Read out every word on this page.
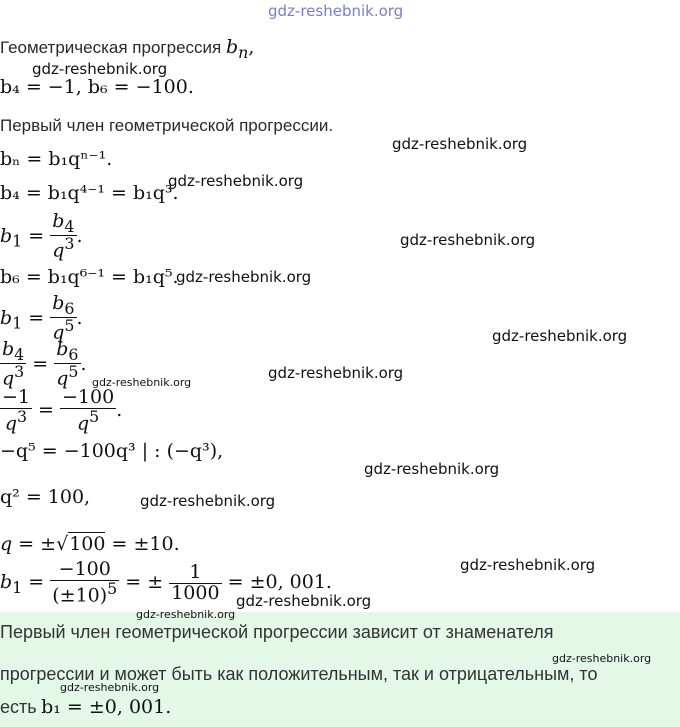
gdz-reshebnik.org
Геометрическая прогрессия $b_n$,
gdz-reshebnik.org
b₄ = −1, b₆ = −100.
Первый член геометрической прогрессии.
gdz-reshebnik.org
bₙ = b₁qⁿ⁻¹.
b₄ = b₁q⁴⁻¹ = b₁q³.
gdz-reshebnik.org
$b_1 = \frac{b_4}{q^3}$ .	gdz-reshebnik.org
b₆ = b₁q⁶⁻¹ = b₁q⁵.
gdz-reshebnik.org
$b_1 = \frac{b_6}{q^5}$ .
gdz-reshebnik.org
$\frac{b_4}{q^3} = \frac{b_6}{q^5}$ .	gdz-reshebnik.org
gdz-reshebnik.org
$\frac{-1}{q^3} = \frac{-100}{q^5}$ .
−q⁵ = −100q³ | : (−q³),
gdz-reshebnik.org
q² = 100,	gdz-reshebnik.org
q = ±√100 = ±10.
gdz-reshebnik.org
$b_1 = \frac{-100}{(\pm 10)^5}$ = ± $\frac{1}{1000} = \pm 0$, 001.
gdz-reshebnik.org
Первый член геометрической прогрессии зависит от знаменателя
прогрессии и может быть как положительным, так и отрицательным, то
есть b₁ = ±0, 001.
gdz-reshebnik.org
gdz-reshebnik.org
gdz-reshebnik.org
